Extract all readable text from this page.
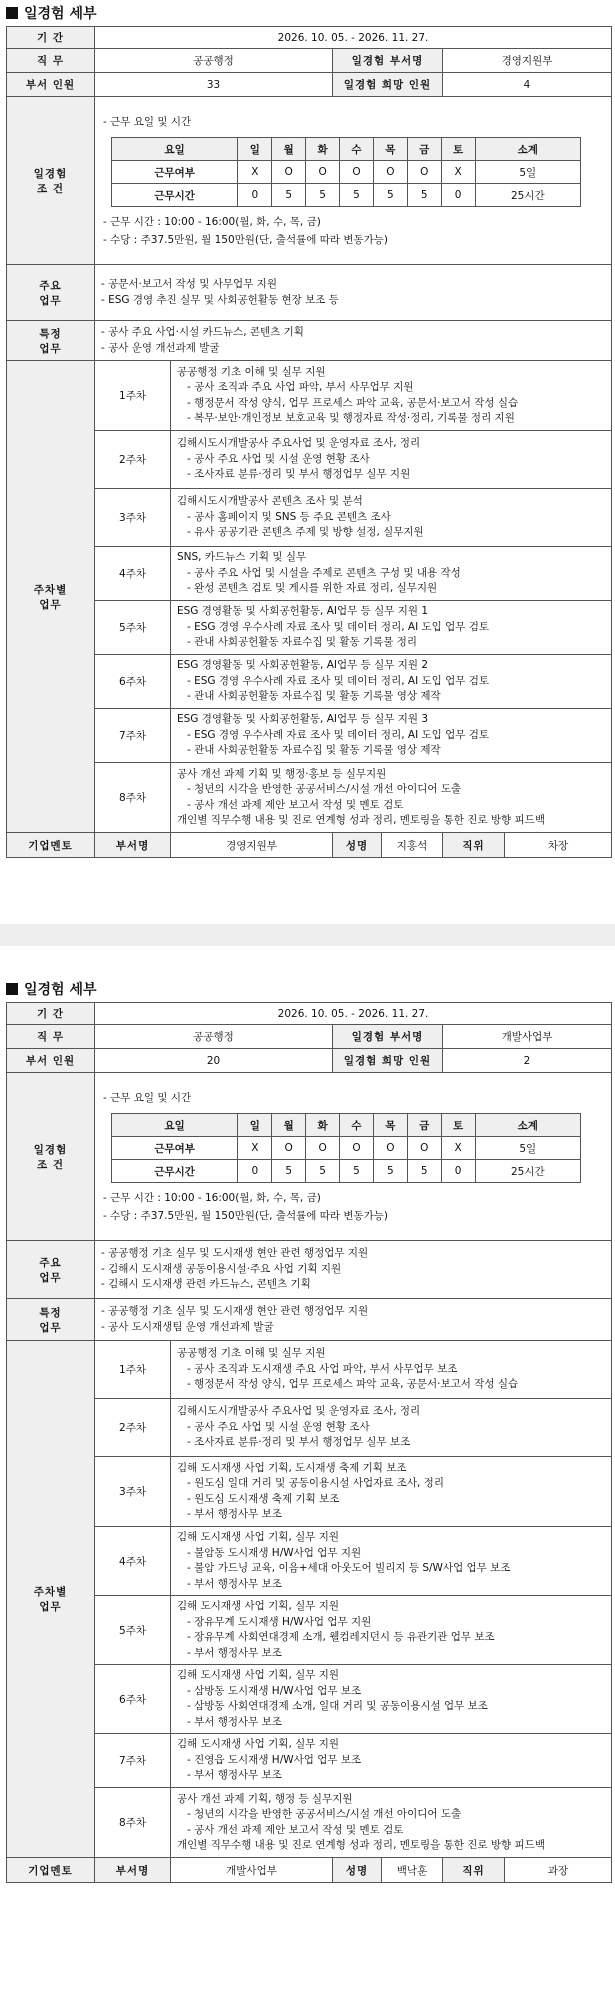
일경험 세부
기 간	2026. 10. 05. - 2026. 11. 27.
직 무	공공행정	일경험 부서명	경영지원부
부서 인원	33	일경험 희망 인원	4

일경험
조 건

- 근무 요일 및 시간
요일	일	월	화	수	목	금	토	소계
근무여부	X	O	O	O	O	O	X	5일
근무시간	0	5	5	5	5	5	0	25시간
- 근무 시간 : 10:00 - 16:00(월, 화, 수, 목, 금)
- 수당 : 주37.5만원, 월 150만원(단, 출석률에 따라 변동가능)

주요
업무

- 공문서·보고서 작성 및 사무업무 지원
- ESG 경영 추진 실무 및 사회공헌활동 현장 보조 등

특정
업무

- 공사 주요 사업·시설 카드뉴스, 콘텐츠 기획
- 공사 운영 개선과제 발굴

주차별
업무
	1주차	
공공행정 기초 이해 및 실무 지원
- 공사 조직과 주요 사업 파악, 부서 사무업무 지원
- 행정문서 작성 양식, 업무 프로세스 파악 교육, 공문서·보고서 작성 실습
- 복무·보안·개인정보 보호교육 및 행정자료 작성·정리, 기록물 정리 지원

2주차	
김해시도시개발공사 주요사업 및 운영자료 조사, 정리
- 공사 주요 사업 및 시설 운영 현황 조사
- 조사자료 분류·정리 및 부서 행정업무 실무 지원

3주차	
김해시도시개발공사 콘텐츠 조사 및 분석
- 공사 홈페이지 및 SNS 등 주요 콘텐츠 조사
- 유사 공공기관 콘텐츠 주제 및 방향 설정, 실무지원

4주차	
SNS, 카드뉴스 기획 및 실무
- 공사 주요 사업 및 시설을 주제로 콘텐츠 구성 및 내용 작성
- 완성 콘텐츠 검토 및 게시를 위한 자료 정리, 실무지원

5주차	
ESG 경영활동 및 사회공헌활동, AI업무 등 실무 지원 1
- ESG 경영 우수사례 자료 조사 및 데이터 정리, AI 도입 업무 검토
- 관내 사회공헌활동 자료수집 및 활동 기록물 정리

6주차	
ESG 경영활동 및 사회공헌활동, AI업무 등 실무 지원 2
- ESG 경영 우수사례 자료 조사 및 데이터 정리, AI 도입 업무 검토
- 관내 사회공헌활동 자료수집 및 활동 기록물 영상 제작

7주차	
ESG 경영활동 및 사회공헌활동, AI업무 등 실무 지원 3
- ESG 경영 우수사례 자료 조사 및 데이터 정리, AI 도입 업무 검토
- 관내 사회공헌활동 자료수집 및 활동 기록물 영상 제작

8주차	
공사 개선 과제 기획 및 행정·홍보 등 실무지원
- 청년의 시각을 반영한 공공서비스/시설 개선 아이디어 도출
- 공사 개선 과제 제안 보고서 작성 및 멘토 검토
개인별 직무수행 내용 및 진로 연계형 성과 정리, 멘토링을 통한 진로 방향 피드백

기업멘토	부서명	경영지원부	성명	지홍석	직위	차장
일경험 세부
기 간	2026. 10. 05. - 2026. 11. 27.
직 무	공공행정	일경험 부서명	개발사업부
부서 인원	20	일경험 희망 인원	2

일경험
조 건

- 근무 요일 및 시간
요일	일	월	화	수	목	금	토	소계
근무여부	X	O	O	O	O	O	X	5일
근무시간	0	5	5	5	5	5	0	25시간
- 근무 시간 : 10:00 - 16:00(월, 화, 수, 목, 금)
- 수당 : 주37.5만원, 월 150만원(단, 출석률에 따라 변동가능)

주요
업무

- 공공행정 기초 실무 및 도시재생 현안 관련 행정업무 지원
- 김해시 도시재생 공동이용시설·주요 사업 기획 지원
- 김해시 도시재생 관련 카드뉴스, 콘텐츠 기획

특정
업무

- 공공행정 기초 실무 및 도시재생 현안 관련 행정업무 지원
- 공사 도시재생팀 운영 개선과제 발굴

주차별
업무
	1주차	
공공행정 기초 이해 및 실무 지원
- 공사 조직과 도시재생 주요 사업 파악, 부서 사무업무 보조
- 행정문서 작성 양식, 업무 프로세스 파악 교육, 공문서·보고서 작성 실습

2주차	
김해시도시개발공사 주요사업 및 운영자료 조사, 정리
- 공사 주요 사업 및 시설 운영 현황 조사
- 조사자료 분류·정리 및 부서 행정업무 실무 보조

3주차	
김해 도시재생 사업 기획, 도시재생 축제 기획 보조
- 원도심 일대 거리 및 공동이용시설 사업자료 조사, 정리
- 원도심 도시재생 축제 기획 보조
- 부서 행정사무 보조

4주차	
김해 도시재생 사업 기획, 실무 지원
- 불암동 도시재생 H/W사업 업무 지원
- 불암 가드닝 교육, 이음+세대 아웃도어 빌리지 등 S/W사업 업무 보조
- 부서 행정사무 보조

5주차	
김해 도시재생 사업 기획, 실무 지원
- 장유무계 도시재생 H/W사업 업무 지원
- 장유무계 사회연대경제 소개, 웰컴레지던시 등 유관기관 업무 보조
- 부서 행정사무 보조

6주차	
김해 도시재생 사업 기획, 실무 지원
- 삼방동 도시재생 H/W사업 업무 보조
- 삼방동 사회연대경제 소개, 일대 거리 및 공동이용시설 업무 보조
- 부서 행정사무 보조

7주차	
김해 도시재생 사업 기획, 실무 지원
- 진영읍 도시재생 H/W사업 업무 보조
- 부서 행정사무 보조

8주차	
공사 개선 과제 기획, 행정 등 실무지원
- 청년의 시각을 반영한 공공서비스/시설 개선 아이디어 도출
- 공사 개선 과제 제안 보고서 작성 및 멘토 검토
개인별 직무수행 내용 및 진로 연계형 성과 정리, 멘토링을 통한 진로 방향 피드백

기업멘토	부서명	개발사업부	성명	백낙훈	직위	과장
